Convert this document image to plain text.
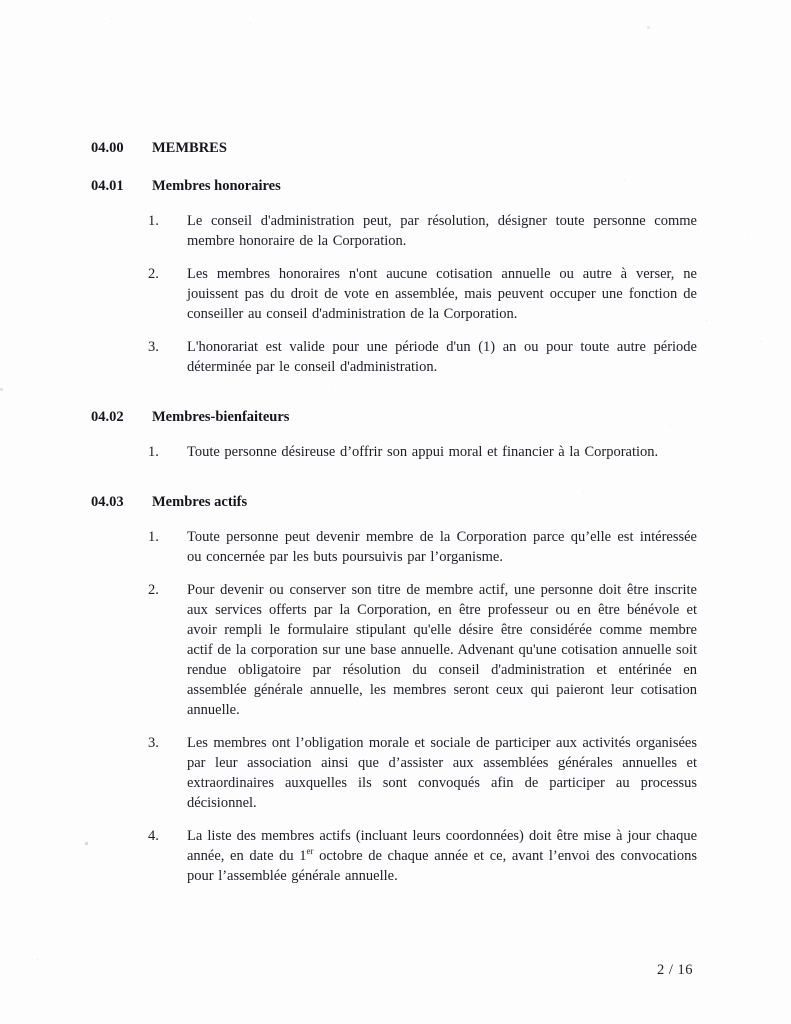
04.00	MEMBRES
04.01	Membres honoraires
1.	Le conseil d'administration peut, par résolution, désigner toute personne comme membre honoraire de la Corporation.
2.	Les membres honoraires n'ont aucune cotisation annuelle ou autre à verser, ne jouissent pas du droit de vote en assemblée, mais peuvent occuper une fonction de conseiller au conseil d'administration de la Corporation.
3.	L'honorariat est valide pour une période d'un (1) an ou pour toute autre période déterminée par le conseil d'administration.
04.02	Membres-bienfaiteurs
1.	Toute personne désireuse d’offrir son appui moral et financier à la Corporation.
04.03	Membres actifs
1.	Toute personne peut devenir membre de la Corporation parce qu’elle est intéressée ou concernée par les buts poursuivis par l’organisme.
2.	Pour devenir ou conserver son titre de membre actif, une personne doit être inscrite aux services offerts par la Corporation, en être professeur ou en être bénévole et avoir rempli le formulaire stipulant qu'elle désire être considérée comme membre actif de la corporation sur une base annuelle. Advenant qu'une cotisation annuelle soit rendue obligatoire par résolution du conseil d'administration et entérinée en assemblée générale annuelle, les membres seront ceux qui paieront leur cotisation annuelle.
3.	Les membres ont l’obligation morale et sociale de participer aux activités organisées par leur association ainsi que d’assister aux assemblées générales annuelles et extraordinaires auxquelles ils sont convoqués afin de participer au processus décisionnel.
4.	La liste des membres actifs (incluant leurs coordonnées) doit être mise à jour chaque année, en date du 1er octobre de chaque année et ce, avant l’envoi des convocations pour l’assemblée générale annuelle.
2 / 16
